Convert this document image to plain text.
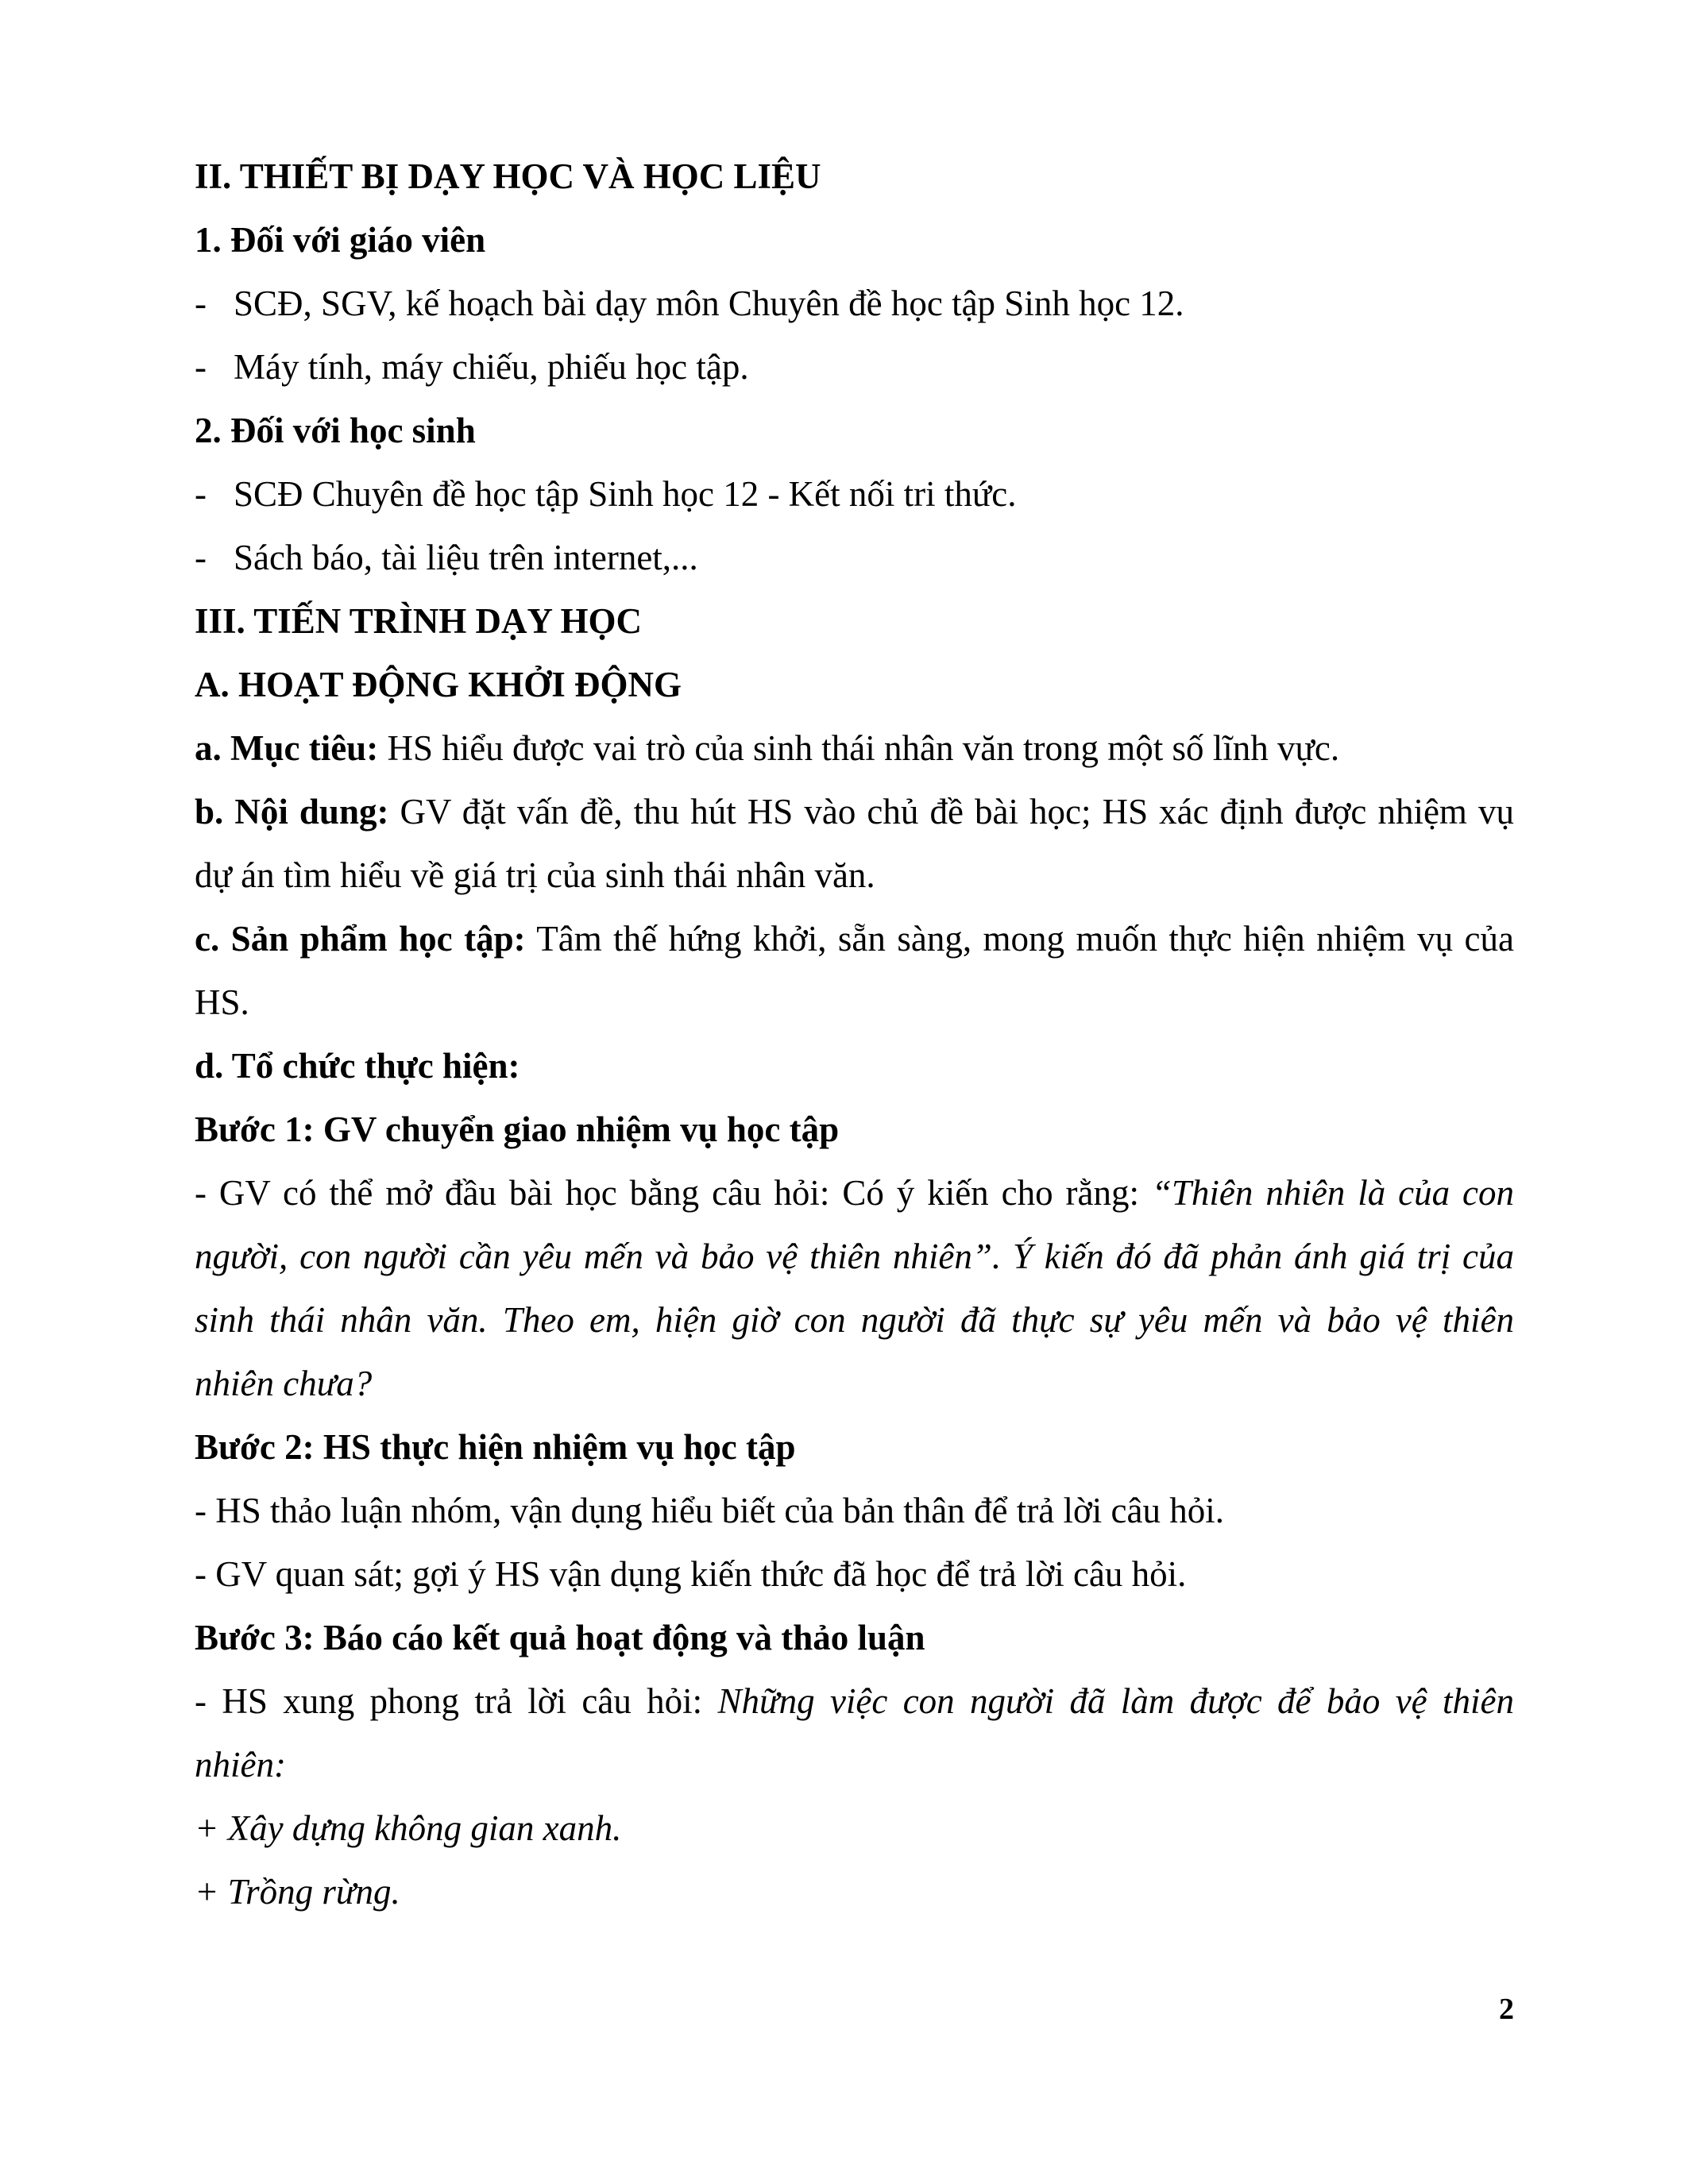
II. THIẾT BỊ DẠY HỌC VÀ HỌC LIỆU
1. Đối với giáo viên
- SCĐ, SGV, kế hoạch bài dạy môn Chuyên đề học tập Sinh học 12.
- Máy tính, máy chiếu, phiếu học tập.
2. Đối với học sinh
- SCĐ Chuyên đề học tập Sinh học 12 - Kết nối tri thức.
- Sách báo, tài liệu trên internet,...
III. TIẾN TRÌNH DẠY HỌC
A. HOẠT ĐỘNG KHỞI ĐỘNG
a. Mục tiêu: HS hiểu được vai trò của sinh thái nhân văn trong một số lĩnh vực.
b. Nội dung: GV đặt vấn đề, thu hút HS vào chủ đề bài học; HS xác định được nhiệm vụ
dự án tìm hiểu về giá trị của sinh thái nhân văn.
c. Sản phẩm học tập: Tâm thế hứng khởi, sẵn sàng, mong muốn thực hiện nhiệm vụ của
HS.
d. Tổ chức thực hiện:
Bước 1: GV chuyển giao nhiệm vụ học tập
- GV có thể mở đầu bài học bằng câu hỏi: Có ý kiến cho rằng: “Thiên nhiên là của con
người, con người cần yêu mến và bảo vệ thiên nhiên”. Ý kiến đó đã phản ánh giá trị của
sinh thái nhân văn. Theo em, hiện giờ con người đã thực sự yêu mến và bảo vệ thiên
nhiên chưa?
Bước 2: HS thực hiện nhiệm vụ học tập
- HS thảo luận nhóm, vận dụng hiểu biết của bản thân để trả lời câu hỏi.
- GV quan sát; gợi ý HS vận dụng kiến thức đã học để trả lời câu hỏi.
Bước 3: Báo cáo kết quả hoạt động và thảo luận
- HS xung phong trả lời câu hỏi: Những việc con người đã làm được để bảo vệ thiên
nhiên:
+ Xây dựng không gian xanh.
+ Trồng rừng.
2
